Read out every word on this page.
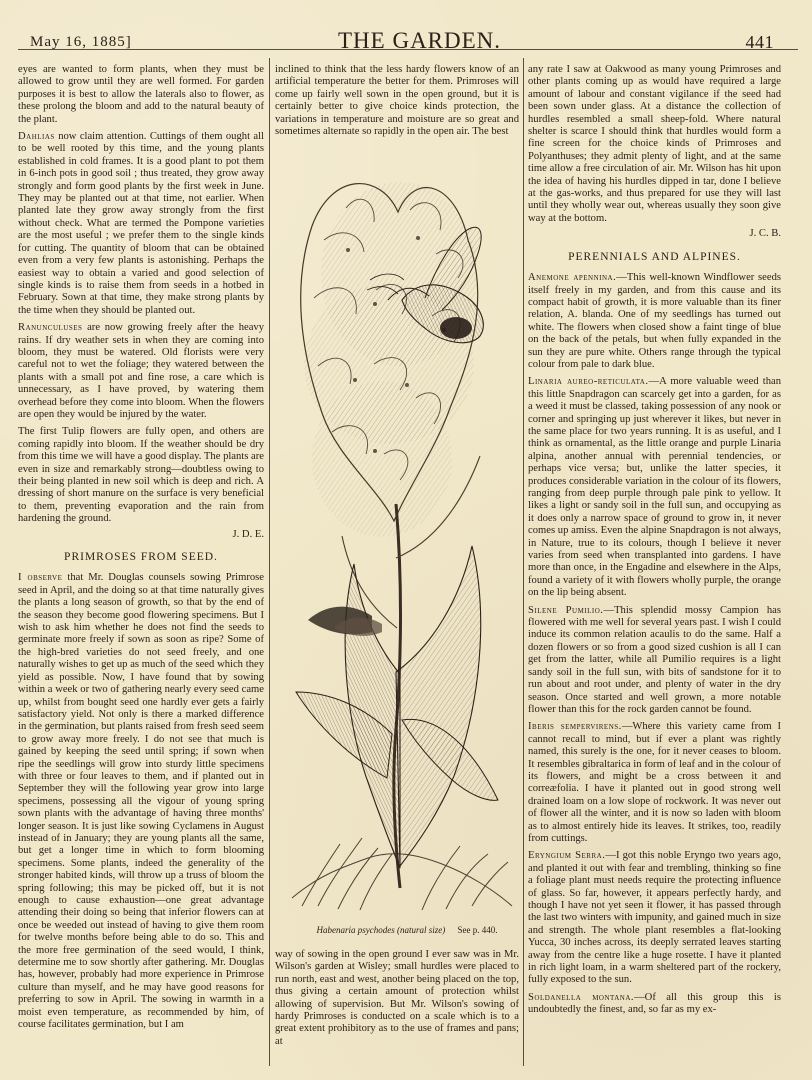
May 16, 1885]	THE GARDEN.	441

eyes are wanted to form plants, when they must be allowed to grow until they are well formed. For garden purposes it is best to allow the laterals also to flower, as these prolong the bloom and add to the natural beauty of the plant.

Dahlias now claim attention. Cuttings of them ought all to be well rooted by this time, and the young plants established in cold frames. It is a good plant to pot them in 6-inch pots in good soil ; thus treated, they grow away strongly and form good plants by the first week in June. They may be planted out at that time, not earlier. When planted late they grow away strongly from the first without check. What are termed the Pompone varieties are the most useful ; we prefer them to the single kinds for cutting. The quantity of bloom that can be obtained even from a very few plants is astonishing. Perhaps the easiest way to obtain a varied and good selection of single kinds is to raise them from seeds in a hotbed in February. Sown at that time, they make strong plants by the time when they should be planted out.

Ranunculuses are now growing freely after the heavy rains. If dry weather sets in when they are coming into bloom, they must be watered. Old florists were very careful not to wet the foliage; they watered between the plants with a small pot and fine rose, a care which is unnecessary, as I have proved, by watering them overhead before they come into bloom. When the flowers are open they would be injured by the water.

The first Tulip flowers are fully open, and others are coming rapidly into bloom. If the weather should be dry from this time we will have a good display. The plants are even in size and remarkably strong—doubtless owing to their being planted in new soil which is deep and rich. A dressing of short manure on the surface is very beneficial to them, preventing evaporation and the rain from hardening the ground.

J. D. E.
PRIMROSES FROM SEED.

I observe that Mr. Douglas counsels sowing Primrose seed in April, and the doing so at that time naturally gives the plants a long season of growth, so that by the end of the season they become good flowering specimens. But I wish to ask him whether he does not find the seeds to germinate more freely if sown as soon as ripe? Some of the high-bred varieties do not seed freely, and one naturally wishes to get up as much of the seed which they yield as possible. Now, I have found that by sowing within a week or two of gathering nearly every seed came up, whilst from bought seed one hardly ever gets a fairly satisfactory yield. Not only is there a marked difference in the germination, but plants raised from fresh seed seem to grow away more freely. I do not see that much is gained by keeping the seed until spring; if sown when ripe the seedlings will grow into sturdy little specimens with three or four leaves to them, and if planted out in September they will the following year grow into large specimens, possessing all the vigour of young spring sown plants with the advantage of having three months' longer season. It is just like sowing Cyclamens in August instead of in January; they are young plants all the same, but get a longer time in which to form blooming specimens. Some plants, indeed the generality of the stronger habited kinds, will throw up a truss of bloom the spring following; this may be picked off, but it is not enough to cause exhaustion—one great advantage attending their doing so being that inferior flowers can at once be weeded out instead of having to give them room for twelve months before being able to do so. This and the more free germination of the seed would, I think, determine me to sow shortly after gathering. Mr. Douglas has, however, probably had more experience in Primrose culture than myself, and he may have good reasons for preferring to sow in April. The sowing in warmth in a moist even temperature, as recommended by him, of course facilitates germination, but I am

inclined to think that the less hardy flowers know of an artificial temperature the better for them. Primroses will come up fairly well sown in the open ground, but it is certainly better to give choice kinds protection, the variations in temperature and moisture are so great and sometimes alternate so rapidly in the open air. The best

Habenaria psychodes (natural size) See p. 440.

way of sowing in the open ground I ever saw was in Mr. Wilson's garden at Wisley; small hurdles were placed to run north, east and west, another being placed on the top, thus giving a certain amount of protection whilst allowing of supervision. But Mr. Wilson's sowing of hardy Primroses is conducted on a scale which is to a great extent prohibitory as to the use of frames and pans; at

any rate I saw at Oakwood as many young Primroses and other plants coming up as would have required a large amount of labour and constant vigilance if the seed had been sown under glass. At a distance the collection of hurdles resembled a small sheep-fold. Where natural shelter is scarce I should think that hurdles would form a fine screen for the choice kinds of Primroses and Polyanthuses; they admit plenty of light, and at the same time allow a free circulation of air. Mr. Wilson has hit upon the idea of having his hurdles dipped in tar, done I believe at the gas-works, and thus prepared for use they will last until they wholly wear out, whereas usually they soon give way at the bottom.

J. C. B.
PERENNIALS AND ALPINES.

Anemone apennina.—This well-known Windflower seeds itself freely in my garden, and from this cause and its compact habit of growth, it is more valuable than its finer relation, A. blanda. One of my seedlings has turned out white. The flowers when closed show a faint tinge of blue on the back of the petals, but when fully expanded in the sun they are pure white. Others range through the typical colour from pale to dark blue.

Linaria aureo-reticulata.—A more valuable weed than this little Snapdragon can scarcely get into a garden, for as a weed it must be classed, taking possession of any nook or corner and springing up just wherever it likes, but never in the same place for two years running. It is as useful, and I think as ornamental, as the little orange and purple Linaria alpina, another annual with perennial tendencies, or perhaps vice versa; but, unlike the latter species, it produces considerable variation in the colour of its flowers, ranging from deep purple through pale pink to yellow. It likes a light or sandy soil in the full sun, and occupying as it does only a narrow space of ground to grow in, it never comes up amiss. Even the alpine Snapdragon is not always, in Nature, true to its colours, though I believe it never varies from seed when transplanted into gardens. I have more than once, in the Engadine and elsewhere in the Alps, found a variety of it with flowers wholly purple, the orange on the lip being absent.

Silene Pumilio.—This splendid mossy Campion has flowered with me well for several years past. I wish I could induce its common relation acaulis to do the same. Half a dozen flowers or so from a good sized cushion is all I can get from the latter, while all Pumilio requires is a light sandy soil in the full sun, with bits of sandstone for it to run about and root under, and plenty of water in the dry season. Once started and well grown, a more notable flower than this for the rock garden cannot be found.

Iberis sempervirens.—Where this variety came from I cannot recall to mind, but if ever a plant was rightly named, this surely is the one, for it never ceases to bloom. It resembles gibraltarica in form of leaf and in the colour of its flowers, and might be a cross between it and correæfolia. I have it planted out in good strong well drained loam on a low slope of rockwork. It was never out of flower all the winter, and it is now so laden with bloom as to almost entirely hide its leaves. It strikes, too, readily from cuttings.

Eryngium Serra.—I got this noble Eryngo two years ago, and planted it out with fear and trembling, thinking so fine a foliage plant must needs require the protecting influence of glass. So far, however, it appears perfectly hardy, and though I have not yet seen it flower, it has passed through the last two winters with impunity, and gained much in size and strength. The whole plant resembles a flat-looking Yucca, 30 inches across, its deeply serrated leaves starting away from the centre like a huge rosette. I have it planted in rich light loam, in a warm sheltered part of the rockery, fully exposed to the sun.

Soldanella montana.—Of all this group this is undoubtedly the finest, and, so far as my ex-
